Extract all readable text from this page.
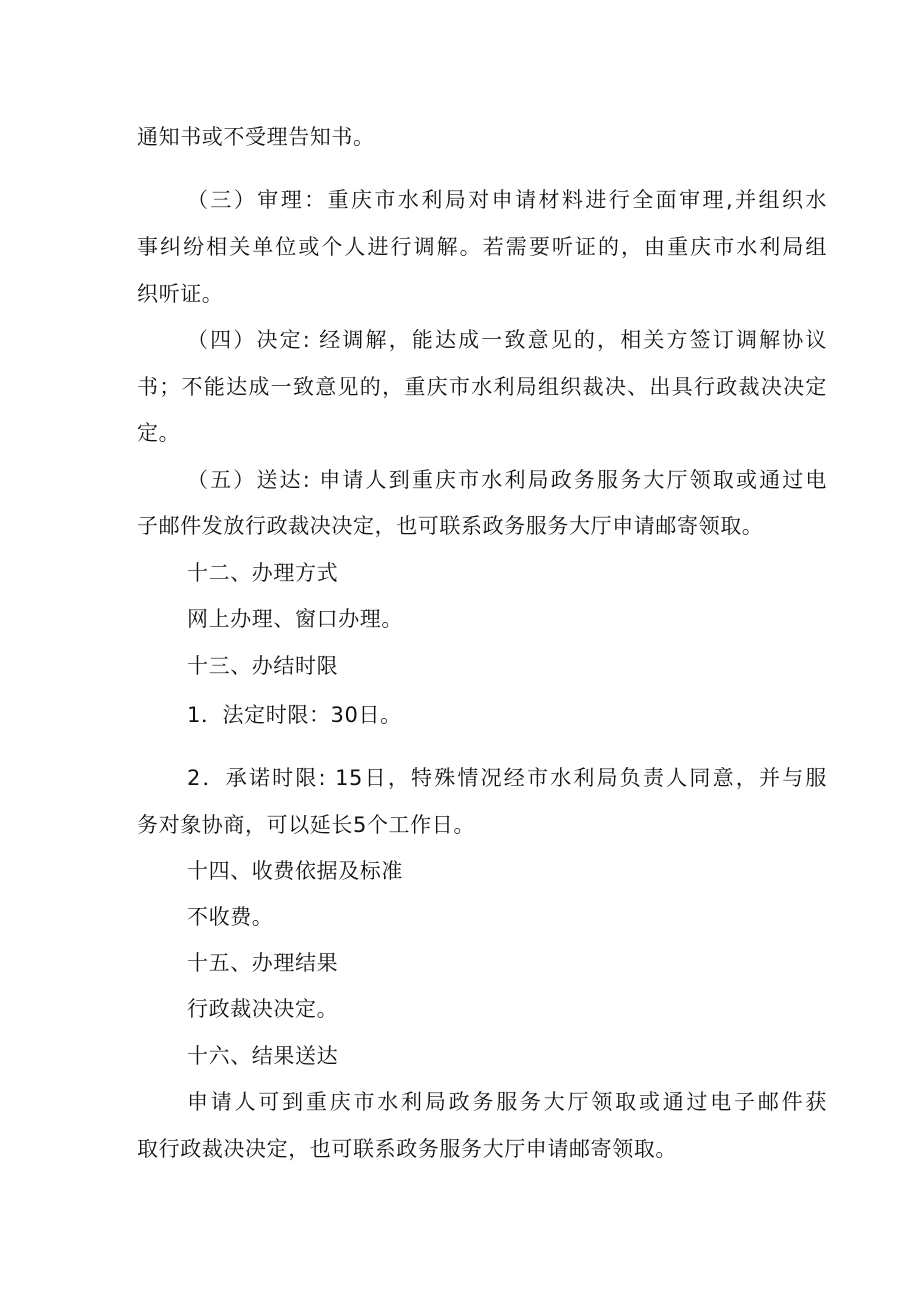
通知书或不受理告知书。
（三）审理：重庆市水利局对申请材料进行全面审理,并组织水
事纠纷相关单位或个人进行调解。若需要听证的，由重庆市水利局组
织听证。
（四）决定: 经调解，能达成一致意见的，相关方签订调解协议
书；不能达成一致意见的，重庆市水利局组织裁决、出具行政裁决决定
定。
（五）送达: 申请人到重庆市水利局政务服务大厅领取或通过电
子邮件发放行政裁决决定，也可联系政务服务大厅申请邮寄领取。
十二、办理方式
网上办理、窗口办理。
十三、办结时限
1．法定时限：30日。
2．承诺时限: 15日，特殊情况经市水利局负责人同意，并与服
务对象协商，可以延长5个工作日。
十四、收费依据及标准
不收费。
十五、办理结果
行政裁决决定。
十六、结果送达
申请人可到重庆市水利局政务服务大厅领取或通过电子邮件获
取行政裁决决定，也可联系政务服务大厅申请邮寄领取。
